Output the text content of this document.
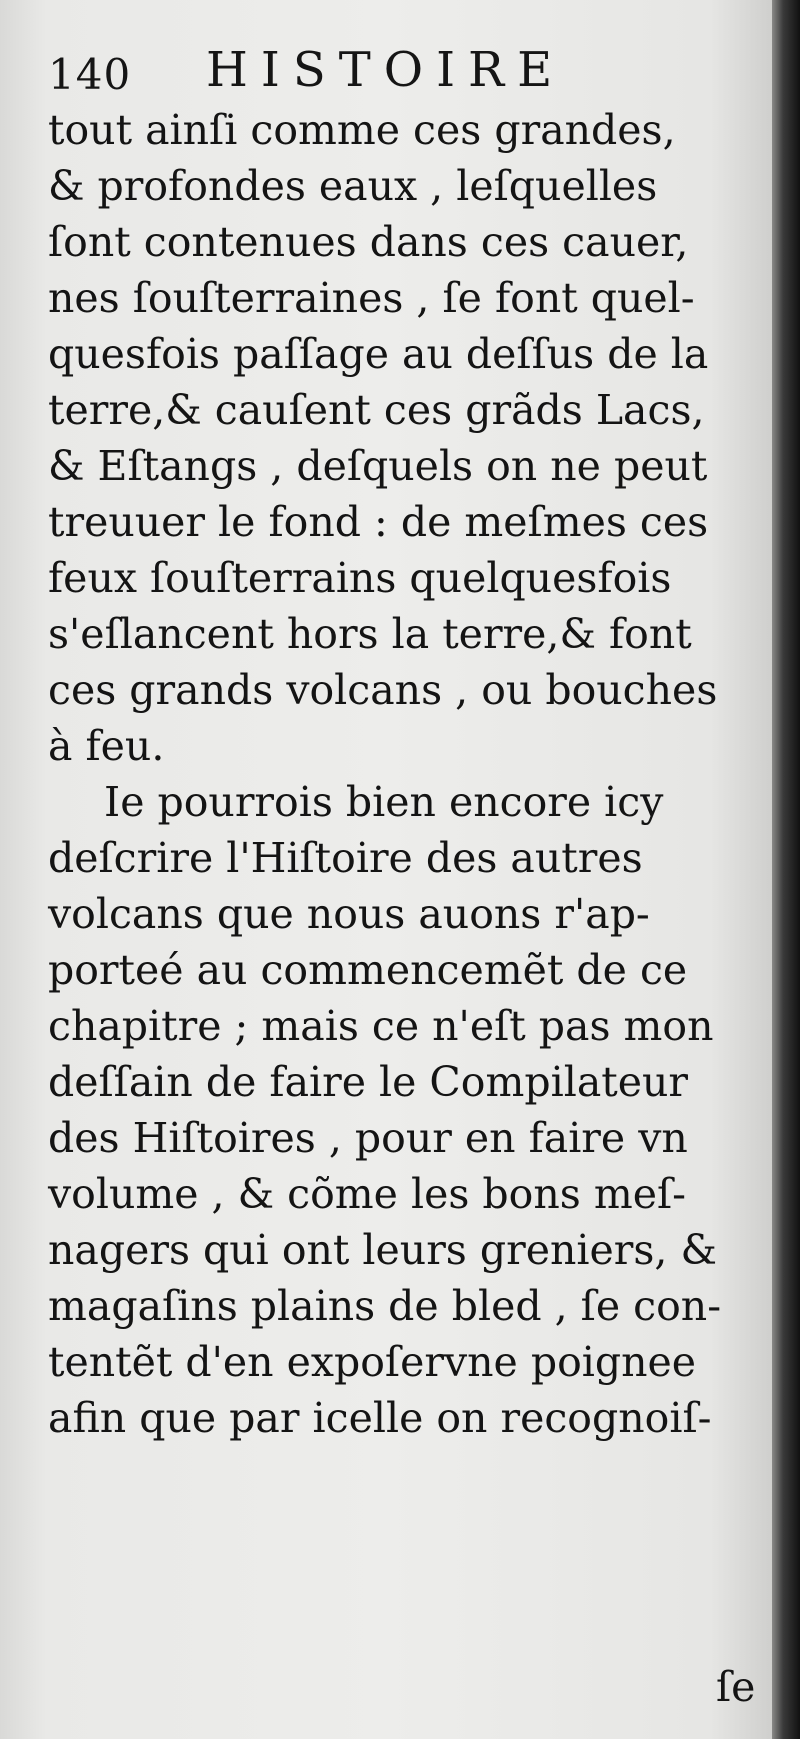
140 HISTOIRE
tout ainſi comme ces grandes,
& profondes eaux , leſquelles
ſont contenues dans ces cauer,
nes ſouſterraines , ſe font quel-
quesfois paſſage au deſſus de la
terre,& cauſent ces grãds Lacs,
& Eſtangs , deſquels on ne peut
treuuer le fond : de meſmes ces
feux ſouſterrains quelquesfois
s'eſlancent hors la terre,& font
ces grands volcans , ou bouches
à feu.
Ie pourrois bien encore icy
deſcrire l'Hiſtoire des autres
volcans que nous auons r'ap-
porteé au commencemẽt de ce
chapitre ; mais ce n'eſt pas mon
deſſain de faire le Compilateur
des Hiſtoires , pour en faire vn
volume , & cõme les bons meſ-
nagers qui ont leurs greniers, &
magaſins plains de bled , ſe con-
tentẽt d'en expoſervne poignee
afin que par icelle on recognoiſ-
ſe
